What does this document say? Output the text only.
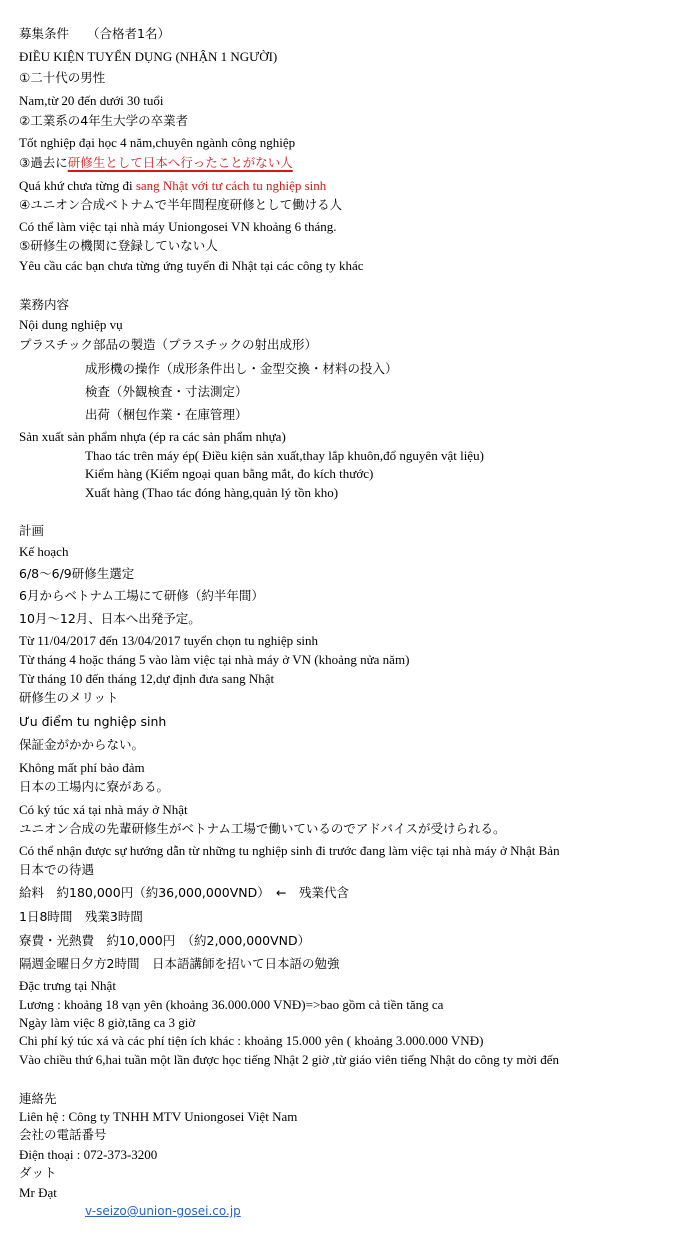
募集条件 （合格者1名）
ĐIỀU KIỆN TUYỂN DỤNG (NHẬN 1 NGƯỜI)
①二十代の男性
Nam,từ 20 đến dưới 30 tuổi
②工業系の4年生大学の卒業者
Tốt nghiệp đại học 4 năm,chuyên ngành công nghiệp
③過去に研修生として日本へ行ったことがない人
Quá khứ chưa từng đi sang Nhật với tư cách tu nghiệp sinh
④ユニオン合成ベトナムで半年間程度研修として働ける人
Có thể làm việc tại nhà máy Uniongosei VN khoảng 6 tháng.
⑤研修生の機関に登録していない人
Yêu cầu các bạn chưa từng ứng tuyển đi Nhật tại các công ty khác
業務内容
Nội dung nghiệp vụ
プラスチック部品の製造（プラスチックの射出成形）
成形機の操作（成形条件出し・金型交換・材料の投入）
検査（外観検査・寸法測定）
出荷（梱包作業・在庫管理）
Sản xuất sản phẩm nhựa (ép ra các sản phẩm nhựa)
Thao tác trên máy ép( Điều kiện sản xuất,thay lắp khuôn,đổ nguyên vật liệu)
Kiểm hàng (Kiểm ngoại quan bằng mắt, đo kích thước)
Xuất hàng (Thao tác đóng hàng,quản lý tồn kho)
計画
Kế hoạch
6/8～6/9研修生選定
6月からベトナム工場にて研修（約半年間）
10月～12月、日本へ出発予定。
Từ 11/04/2017 đến 13/04/2017 tuyển chọn tu nghiệp sinh
Từ tháng 4 hoặc tháng 5 vào làm việc tại nhà máy ở VN (khoảng nửa năm)
Từ tháng 10 đến tháng 12,dự định đưa sang Nhật
研修生のメリット
Ưu điểm tu nghiệp sinh
保証金がかからない。
Không mất phí bảo đảm
日本の工場内に寮がある。
Có ký túc xá tại nhà máy ở Nhật
ユニオン合成の先輩研修生がベトナム工場で働いているのでアドバイスが受けられる。
Có thể nhận được sự hướng dẫn từ những tu nghiệp sinh đi trước đang làm việc tại nhà máy ở Nhật Bản
日本での待遇
給料　約180,000円（約36,000,000VND）　←　残業代含
1日8時間　残業3時間
寮費・光熱費　約10,000円　（約2,000,000VND）
隔週金曜日夕方2時間　日本語講師を招いて日本語の勉強
Đặc trưng tại Nhật
Lương : khoảng 18 vạn yên (khoảng 36.000.000 VNĐ)=>bao gồm cả tiền tăng ca
Ngày làm việc 8 giờ,tăng ca 3 giờ
Chi phí ký túc xá và các phí tiện ích khác : khoảng 15.000 yên ( khoảng 3.000.000 VNĐ)
Vào chiều thứ 6,hai tuần một lần được học tiếng Nhật 2 giờ ,từ giáo viên tiếng Nhật do công ty mời đến
連絡先
Liên hệ : Công ty TNHH MTV Uniongosei Việt Nam
会社の電話番号
Điện thoại : 072-373-3200
ダット
Mr Đạt
v-seizo@union-gosei.co.jp
